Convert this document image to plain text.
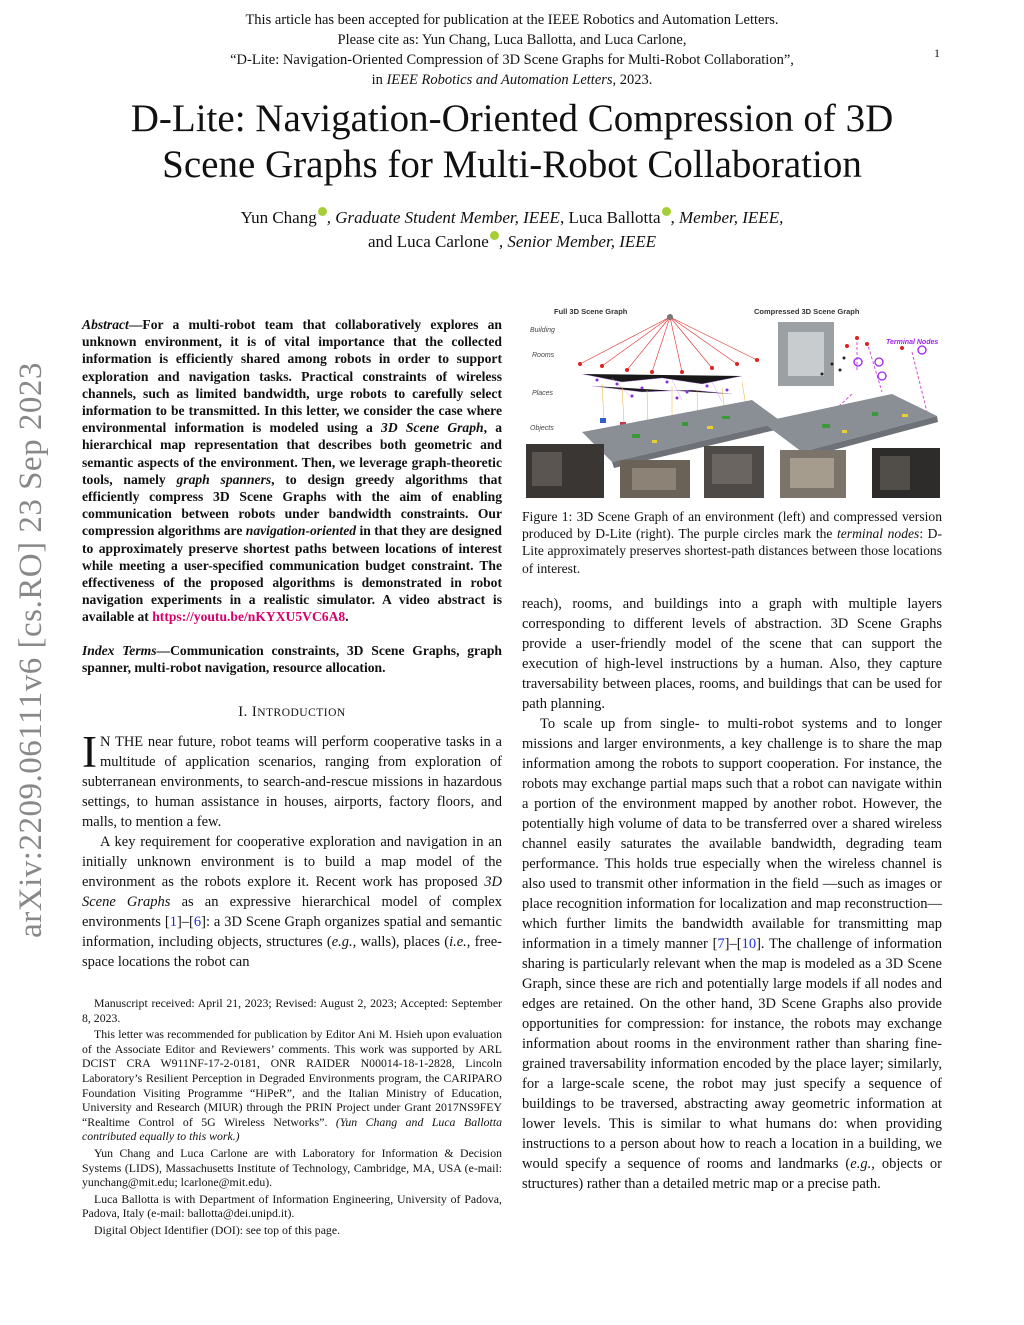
This article has been accepted for publication at the IEEE Robotics and Automation Letters.

Please cite as: Yun Chang, Luca Ballotta, and Luca Carlone,

“D-Lite: Navigation-Oriented Compression of 3D Scene Graphs for Multi-Robot Collaboration”,

in IEEE Robotics and Automation Letters, 2023.

1
D-Lite: Navigation-Oriented Compression of 3D
Scene Graphs for Multi-Robot Collaboration
Yun Chang , Graduate Student Member, IEEE, Luca Ballotta , Member, IEEE,
and Luca Carlone , Senior Member, IEEE
arXiv:2209.06111v6 [cs.RO] 23 Sep 2023
Abstract—For a multi-robot team that collaboratively explores an unknown environment, it is of vital importance that the collected information is efficiently shared among robots in order to support exploration and navigation tasks. Practical constraints of wireless channels, such as limited bandwidth, urge robots to carefully select information to be transmitted. In this letter, we consider the case where environmental information is modeled using a 3D Scene Graph, a hierarchical map representation that describes both geometric and semantic aspects of the environment. Then, we leverage graph-theoretic tools, namely graph spanners, to design greedy algorithms that efficiently compress 3D Scene Graphs with the aim of enabling communication between robots under bandwidth constraints. Our compression algorithms are navigation-oriented in that they are designed to approximately preserve shortest paths between locations of interest while meeting a user-specified communication budget constraint. The effectiveness of the proposed algorithms is demonstrated in robot navigation experiments in a realistic simulator. A video abstract is available at https://youtu.be/nKYXU5VC6A8.
Index Terms—Communication constraints, 3D Scene Graphs, graph spanner, multi-robot navigation, resource allocation.
I. INTRODUCTION

I N THE near future, robot teams will perform cooperative tasks in a multitude of application scenarios, ranging from exploration of subterranean environments, to search-and-rescue missions in hazardous settings, to human assistance in houses, airports, factory floors, and malls, to mention a few.

A key requirement for cooperative exploration and navigation in an initially unknown environment is to build a map model of the environment as the robots explore it. Recent work has proposed 3D Scene Graphs as an expressive hierarchical model of complex environments [1]–[6]: a 3D Scene Graph organizes spatial and semantic information, including objects, structures (e.g., walls), places (i.e., free-space locations the robot can

Manuscript received: April 21, 2023; Revised: August 2, 2023; Accepted: September 8, 2023.

This letter was recommended for publication by Editor Ani M. Hsieh upon evaluation of the Associate Editor and Reviewers’ comments. This work was supported by ARL DCIST CRA W911NF-17-2-0181, ONR RAIDER N00014-18-1-2828, Lincoln Laboratory’s Resilient Perception in Degraded Environments program, the CARIPARO Foundation Visiting Programme “HiPeR”, and the Italian Ministry of Education, University and Research (MIUR) through the PRIN Project under Grant 2017NS9FEY “Realtime Control of 5G Wireless Networks”. (Yun Chang and Luca Ballotta contributed equally to this work.)

Yun Chang and Luca Carlone are with Laboratory for Information & Decision Systems (LIDS), Massachusetts Institute of Technology, Cambridge, MA, USA (e-mail: yunchang@mit.edu; lcarlone@mit.edu).

Luca Ballotta is with Department of Information Engineering, University of Padova, Padova, Italy (e-mail: ballotta@dei.unipd.it).

Digital Object Identifier (DOI): see top of this page.

Full 3D Scene Graph	Compressed 3D Scene Graph
Building
Rooms
Places
Objects
Terminal Nodes
Figure 1: 3D Scene Graph of an environment (left) and compressed version produced by D-Lite (right). The purple circles mark the terminal nodes: D-Lite approximately preserves shortest-path distances between those locations of interest.

reach), rooms, and buildings into a graph with multiple layers corresponding to different levels of abstraction. 3D Scene Graphs provide a user-friendly model of the scene that can support the execution of high-level instructions by a human. Also, they capture traversability between places, rooms, and buildings that can be used for path planning.

To scale up from single- to multi-robot systems and to longer missions and larger environments, a key challenge is to share the map information among the robots to support cooperation. For instance, the robots may exchange partial maps such that a robot can navigate within a portion of the environment mapped by another robot. However, the potentially high volume of data to be transferred over a shared wireless channel easily saturates the available bandwidth, degrading team performance. This holds true especially when the wireless channel is also used to transmit other information in the field —such as images or place recognition information for localization and map reconstruction— which further limits the bandwidth available for transmitting map information in a timely manner [7]–[10]. The challenge of information sharing is particularly relevant when the map is modeled as a 3D Scene Graph, since these are rich and potentially large models if all nodes and edges are retained. On the other hand, 3D Scene Graphs also provide opportunities for compression: for instance, the robots may exchange information about rooms in the environment rather than sharing fine-grained traversability information encoded by the place layer; similarly, for a large-scale scene, the robot may just specify a sequence of buildings to be traversed, abstracting away geometric information at lower levels. This is similar to what humans do: when providing instructions to a person about how to reach a location in a building, we would specify a sequence of rooms and landmarks (e.g., objects or structures) rather than a detailed metric map or a precise path.
